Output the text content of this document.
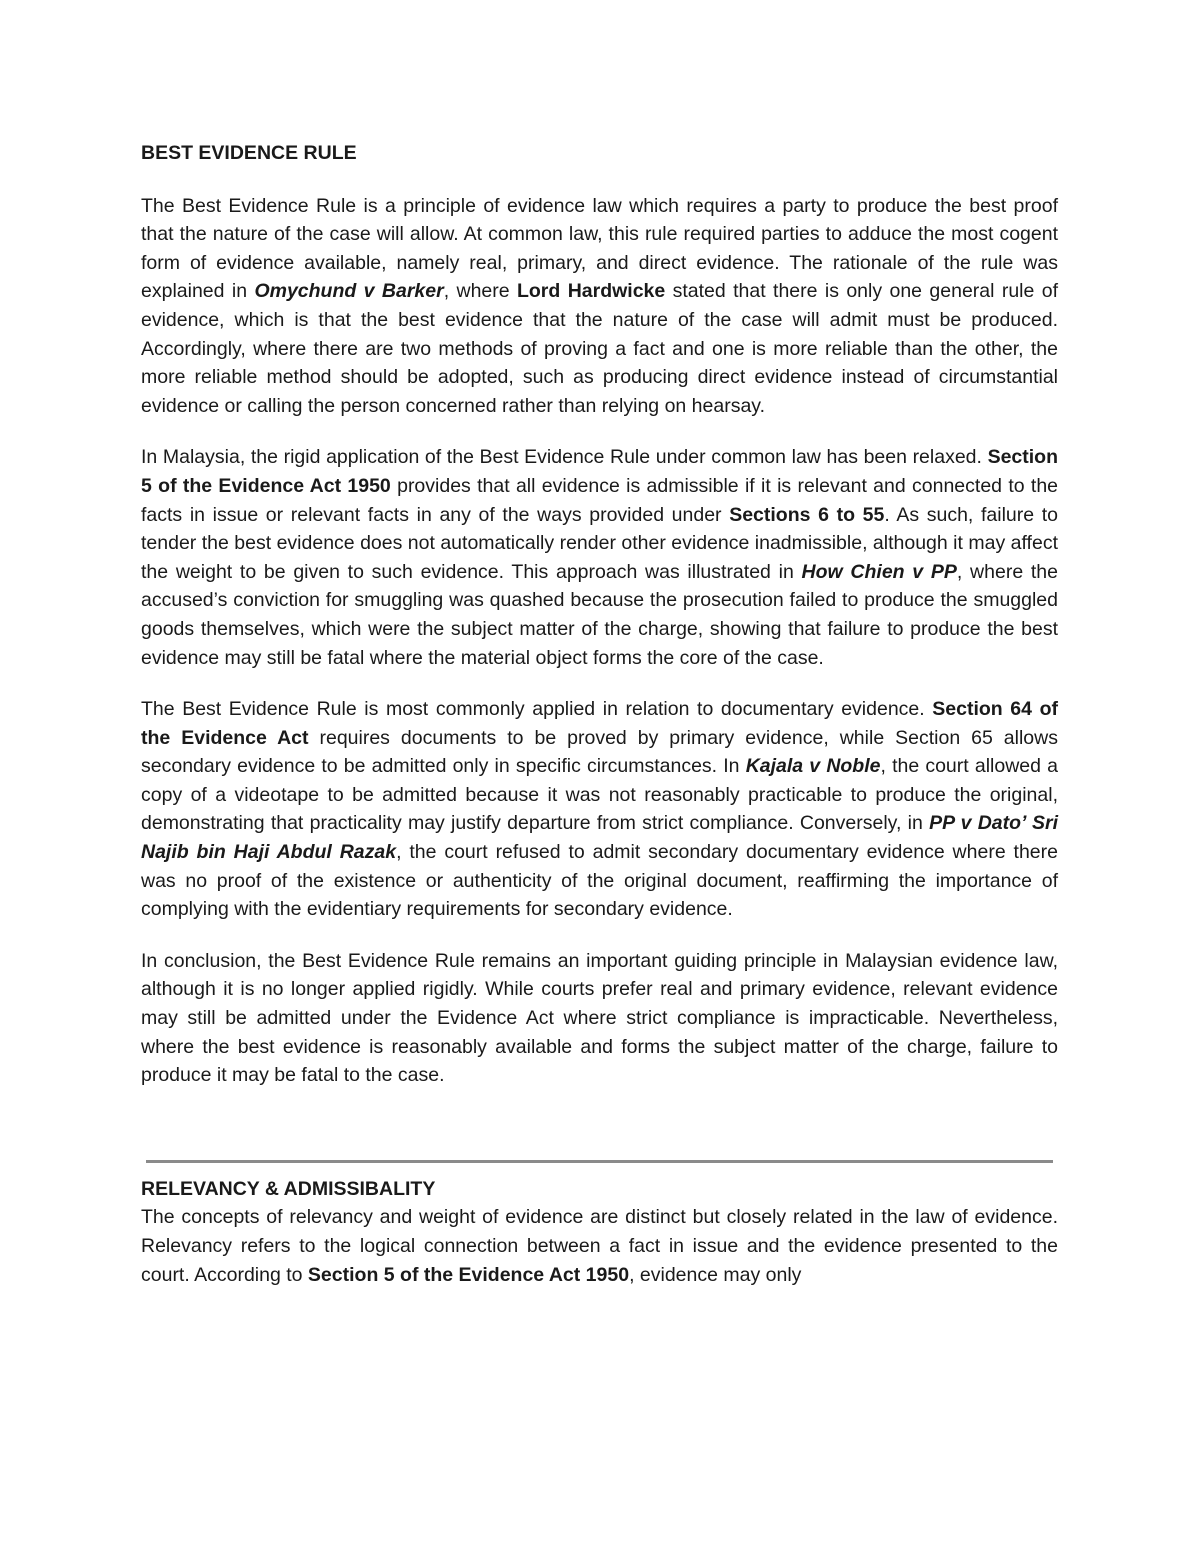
BEST EVIDENCE RULE

The Best Evidence Rule is a principle of evidence law which requires a party to produce the best proof that the nature of the case will allow. At common law, this rule required parties to adduce the most cogent form of evidence available, namely real, primary, and direct evidence. The rationale of the rule was explained in Omychund v Barker, where Lord Hardwicke stated that there is only one general rule of evidence, which is that the best evidence that the nature of the case will admit must be produced. Accordingly, where there are two methods of proving a fact and one is more reliable than the other, the more reliable method should be adopted, such as producing direct evidence instead of circumstantial evidence or calling the person concerned rather than relying on hearsay.

In Malaysia, the rigid application of the Best Evidence Rule under common law has been relaxed. Section 5 of the Evidence Act 1950 provides that all evidence is admissible if it is relevant and connected to the facts in issue or relevant facts in any of the ways provided under Sections 6 to 55. As such, failure to tender the best evidence does not automatically render other evidence inadmissible, although it may affect the weight to be given to such evidence. This approach was illustrated in How Chien v PP, where the accused’s conviction for smuggling was quashed because the prosecution failed to produce the smuggled goods themselves, which were the subject matter of the charge, showing that failure to produce the best evidence may still be fatal where the material object forms the core of the case.

The Best Evidence Rule is most commonly applied in relation to documentary evidence. Section 64 of the Evidence Act requires documents to be proved by primary evidence, while Section 65 allows secondary evidence to be admitted only in specific circumstances. In Kajala v Noble, the court allowed a copy of a videotape to be admitted because it was not reasonably practicable to produce the original, demonstrating that practicality may justify departure from strict compliance. Conversely, in PP v Dato’ Sri Najib bin Haji Abdul Razak, the court refused to admit secondary documentary evidence where there was no proof of the existence or authenticity of the original document, reaffirming the importance of complying with the evidentiary requirements for secondary evidence.

In conclusion, the Best Evidence Rule remains an important guiding principle in Malaysian evidence law, although it is no longer applied rigidly. While courts prefer real and primary evidence, relevant evidence may still be admitted under the Evidence Act where strict compliance is impracticable. Nevertheless, where the best evidence is reasonably available and forms the subject matter of the charge, failure to produce it may be fatal to the case.

RELEVANCY & ADMISSIBALITY

The concepts of relevancy and weight of evidence are distinct but closely related in the law of evidence. Relevancy refers to the logical connection between a fact in issue and the evidence presented to the court. According to Section 5 of the Evidence Act 1950, evidence may only
